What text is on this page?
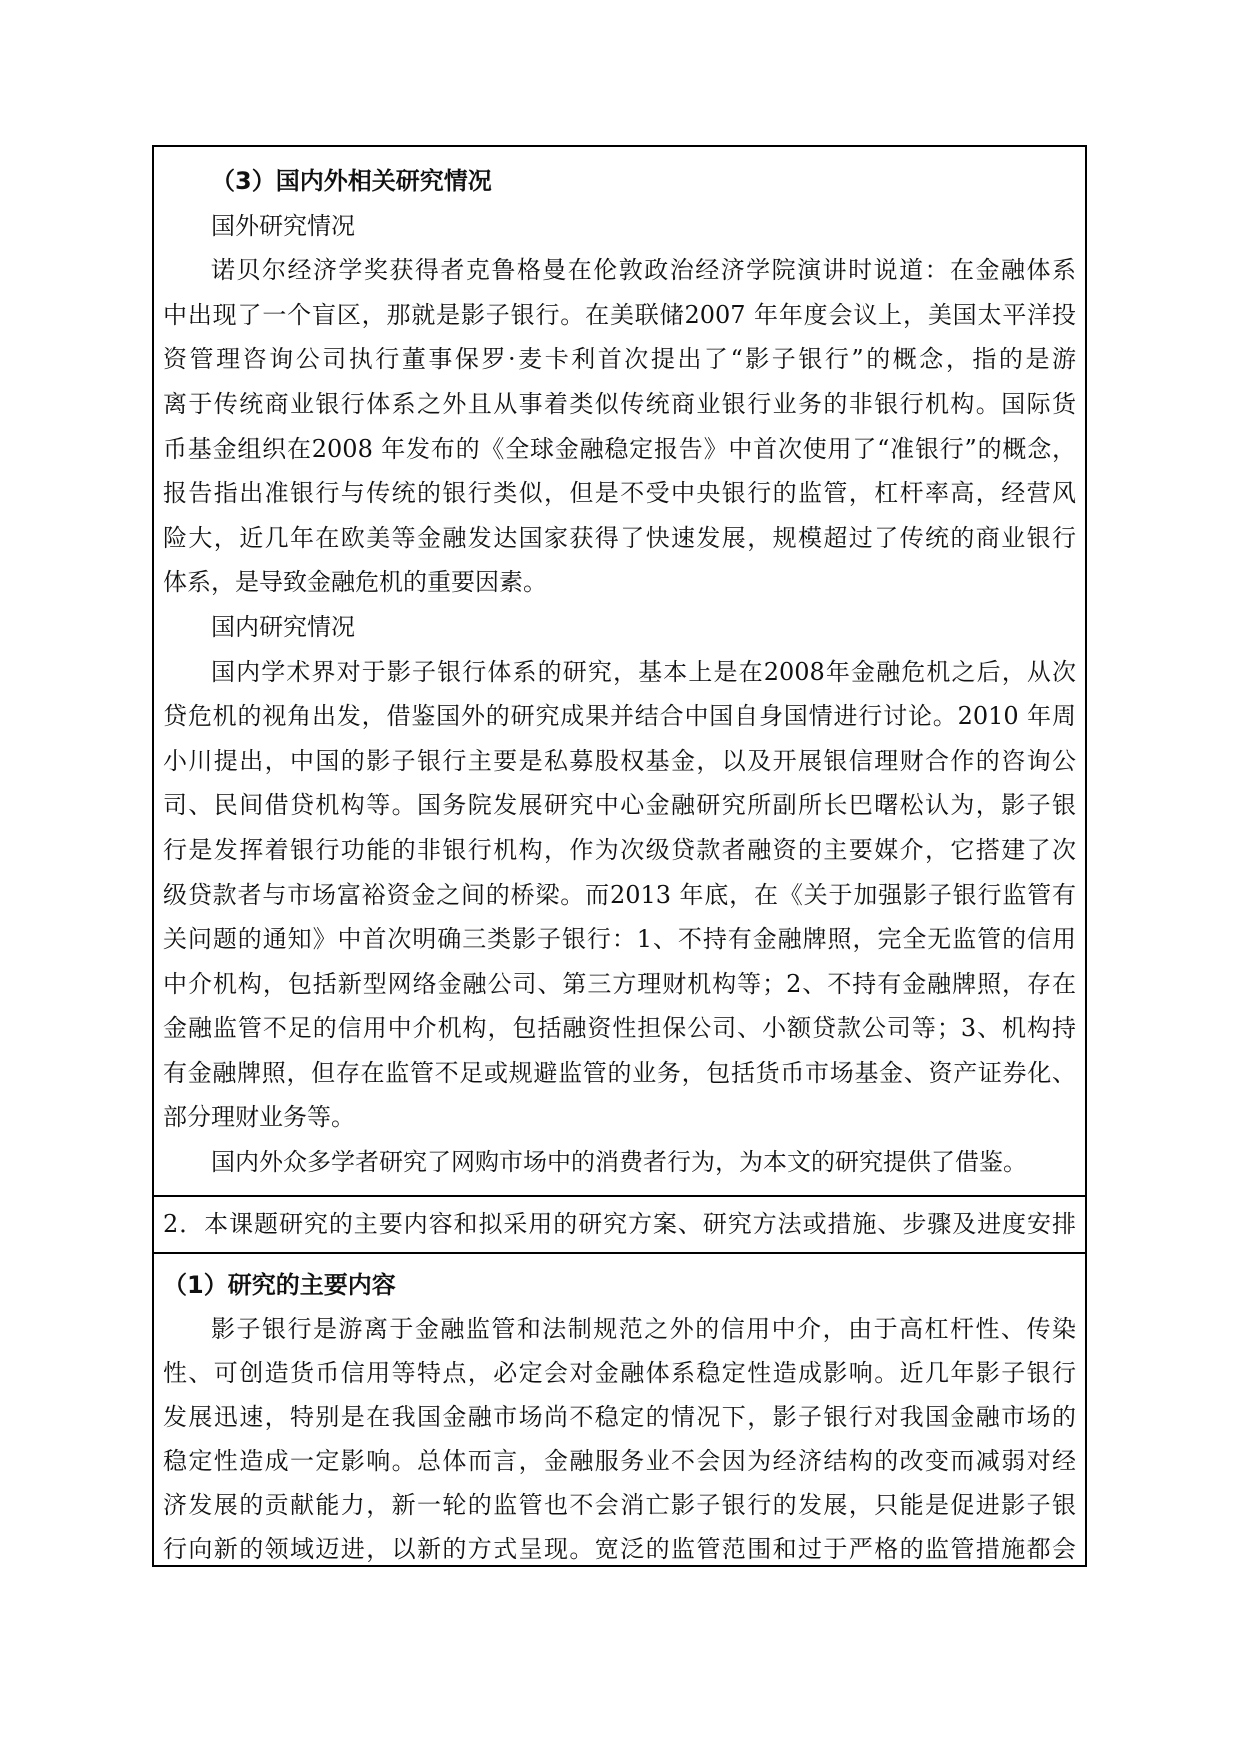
（3）国内外相关研究情况
国外研究情况
诺贝尔经济学奖获得者克鲁格曼在伦敦政治经济学院演讲时说道：在金融体系
中出现了一个盲区，那就是影子银行。在美联储2007 年年度会议上，美国太平洋投
资管理咨询公司执行董事保罗·麦卡利首次提出了“影子银行”的概念，指的是游
离于传统商业银行体系之外且从事着类似传统商业银行业务的非银行机构。国际货
币基金组织在2008 年发布的《全球金融稳定报告》中首次使用了“准银行”的概念，
报告指出准银行与传统的银行类似，但是不受中央银行的监管，杠杆率高，经营风
险大，近几年在欧美等金融发达国家获得了快速发展，规模超过了传统的商业银行
体系，是导致金融危机的重要因素。
国内研究情况
国内学术界对于影子银行体系的研究，基本上是在2008年金融危机之后，从次
贷危机的视角出发，借鉴国外的研究成果并结合中国自身国情进行讨论。2010 年周
小川提出，中国的影子银行主要是私募股权基金，以及开展银信理财合作的咨询公
司、民间借贷机构等。国务院发展研究中心金融研究所副所长巴曙松认为，影子银
行是发挥着银行功能的非银行机构，作为次级贷款者融资的主要媒介，它搭建了次
级贷款者与市场富裕资金之间的桥梁。而2013 年底，在《关于加强影子银行监管有
关问题的通知》中首次明确三类影子银行：1、不持有金融牌照，完全无监管的信用
中介机构，包括新型网络金融公司、第三方理财机构等；2、不持有金融牌照，存在
金融监管不足的信用中介机构，包括融资性担保公司、小额贷款公司等；3、机构持
有金融牌照，但存在监管不足或规避监管的业务，包括货币市场基金、资产证券化、
部分理财业务等。
国内外众多学者研究了网购市场中的消费者行为，为本文的研究提供了借鉴。
2．本课题研究的主要内容和拟采用的研究方案、研究方法或措施、步骤及进度安排
（1）研究的主要内容
影子银行是游离于金融监管和法制规范之外的信用中介，由于高杠杆性、传染
性、可创造货币信用等特点，必定会对金融体系稳定性造成影响。近几年影子银行
发展迅速，特别是在我国金融市场尚不稳定的情况下，影子银行对我国金融市场的
稳定性造成一定影响。总体而言，金融服务业不会因为经济结构的改变而减弱对经
济发展的贡献能力，新一轮的监管也不会消亡影子银行的发展，只能是促进影子银
行向新的领域迈进，以新的方式呈现。宽泛的监管范围和过于严格的监管措施都会
